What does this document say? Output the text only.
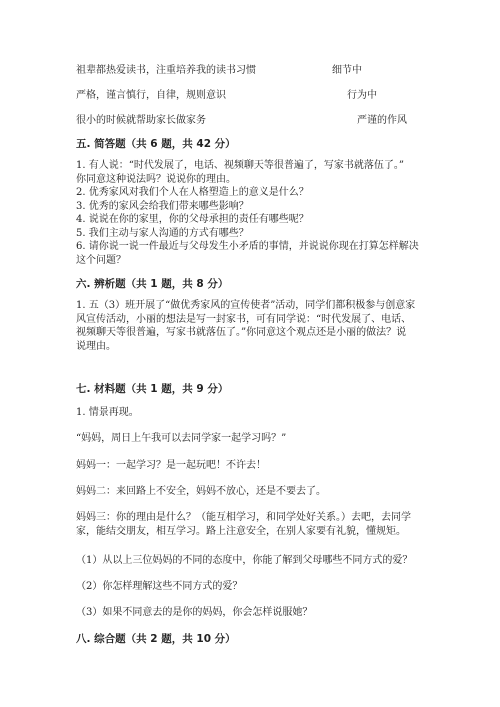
祖辈都热爱读书，注重培养我的读书习惯	细节中
严格，谨言慎行，自律，规则意识	行为中
很小的时候就帮助家长做家务	严谨的作风
五. 简答题（共 6 题，共 42 分）
1. 有人说：“时代发展了，电话、视频聊天等很普遍了，写家书就落伍了。”
你同意这种说法吗？说说你的理由。
2. 优秀家风对我们个人在人格塑造上的意义是什么？
3. 优秀的家风会给我们带来哪些影响？
4. 说说在你的家里，你的父母承担的责任有哪些呢？
5. 我们主动与家人沟通的方式有哪些？
6. 请你说一说一件最近与父母发生小矛盾的事情，并说说你现在打算怎样解决
这个问题？
六. 辨析题（共 1 题，共 8 分）
1. 五（3）班开展了“做优秀家风的宣传使者”活动，同学们都积极参与创意家
风宣传活动，小丽的想法是写一封家书，可有同学说：“时代发展了、电话、
视频聊天等很普遍，写家书就落伍了。”你同意这个观点还是小丽的做法？说
说理由。
七. 材料题（共 1 题，共 9 分）
1. 情景再现。
“妈妈，周日上午我可以去同学家一起学习吗？”
妈妈一：一起学习？是一起玩吧！不许去！
妈妈二：来回路上不安全，妈妈不放心，还是不要去了。
妈妈三：你的理由是什么？（能互相学习，和同学处好关系。）去吧，去同学
家，能结交朋友，相互学习。路上注意安全，在别人家要有礼貌，懂规矩。
（1）从以上三位妈妈的不同的态度中，你能了解到父母哪些不同方式的爱？
（2）你怎样理解这些不同方式的爱？
（3）如果不同意去的是你的妈妈，你会怎样说服她？
八. 综合题（共 2 题，共 10 分）
